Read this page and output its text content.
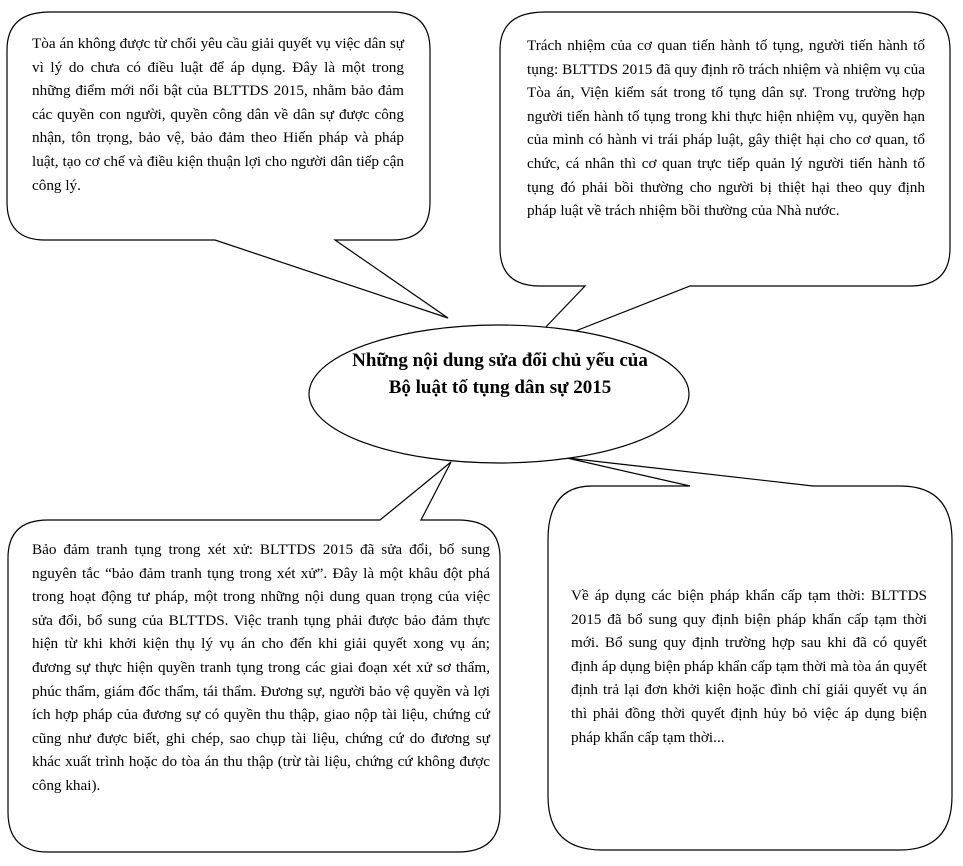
Những nội dung sửa đổi chủ yếu của Bộ luật tố tụng dân sự 2015
Tòa án không được từ chối yêu cầu giải quyết vụ việc dân sự vì lý do chưa có điều luật để áp dụng. Đây là một trong những điểm mới nổi bật của BLTTDS 2015, nhằm bảo đảm các quyền con người, quyền công dân về dân sự được công nhận, tôn trọng, bảo vệ, bảo đảm theo Hiến pháp và pháp luật, tạo cơ chế và điều kiện thuận lợi cho người dân tiếp cận công lý.
Trách nhiệm của cơ quan tiến hành tố tụng, người tiến hành tố tụng: BLTTDS 2015 đã quy định rõ trách nhiệm và nhiệm vụ của Tòa án, Viện kiểm sát trong tố tụng dân sự. Trong trường hợp người tiến hành tố tụng trong khi thực hiện nhiệm vụ, quyền hạn của mình có hành vi trái pháp luật, gây thiệt hại cho cơ quan, tổ chức, cá nhân thì cơ quan trực tiếp quản lý người tiến hành tố tụng đó phải bồi thường cho người bị thiệt hại theo quy định pháp luật về trách nhiệm bồi thường của Nhà nước.
Bảo đảm tranh tụng trong xét xử: BLTTDS 2015 đã sửa đổi, bổ sung nguyên tắc “bảo đảm tranh tụng trong xét xử”. Đây là một khâu đột phá trong hoạt động tư pháp, một trong những nội dung quan trọng của việc sửa đổi, bổ sung của BLTTDS. Việc tranh tụng phải được bảo đảm thực hiện từ khi khởi kiện thụ lý vụ án cho đến khi giải quyết xong vụ án; đương sự thực hiện quyền tranh tụng trong các giai đoạn xét xử sơ thẩm, phúc thẩm, giám đốc thẩm, tái thẩm. Đương sự, người bảo vệ quyền và lợi ích hợp pháp của đương sự có quyền thu thập, giao nộp tài liệu, chứng cứ cũng như được biết, ghi chép, sao chụp tài liệu, chứng cứ do đương sự khác xuất trình hoặc do tòa án thu thập (trừ tài liệu, chứng cứ không được công khai).
Về áp dụng các biện pháp khẩn cấp tạm thời: BLTTDS 2015 đã bổ sung quy định biện pháp khẩn cấp tạm thời mới. Bổ sung quy định trường hợp sau khi đã có quyết định áp dụng biện pháp khẩn cấp tạm thời mà tòa án quyết định trả lại đơn khởi kiện hoặc đình chỉ giải quyết vụ án thì phải đồng thời quyết định hủy bỏ việc áp dụng biện pháp khẩn cấp tạm thời...
